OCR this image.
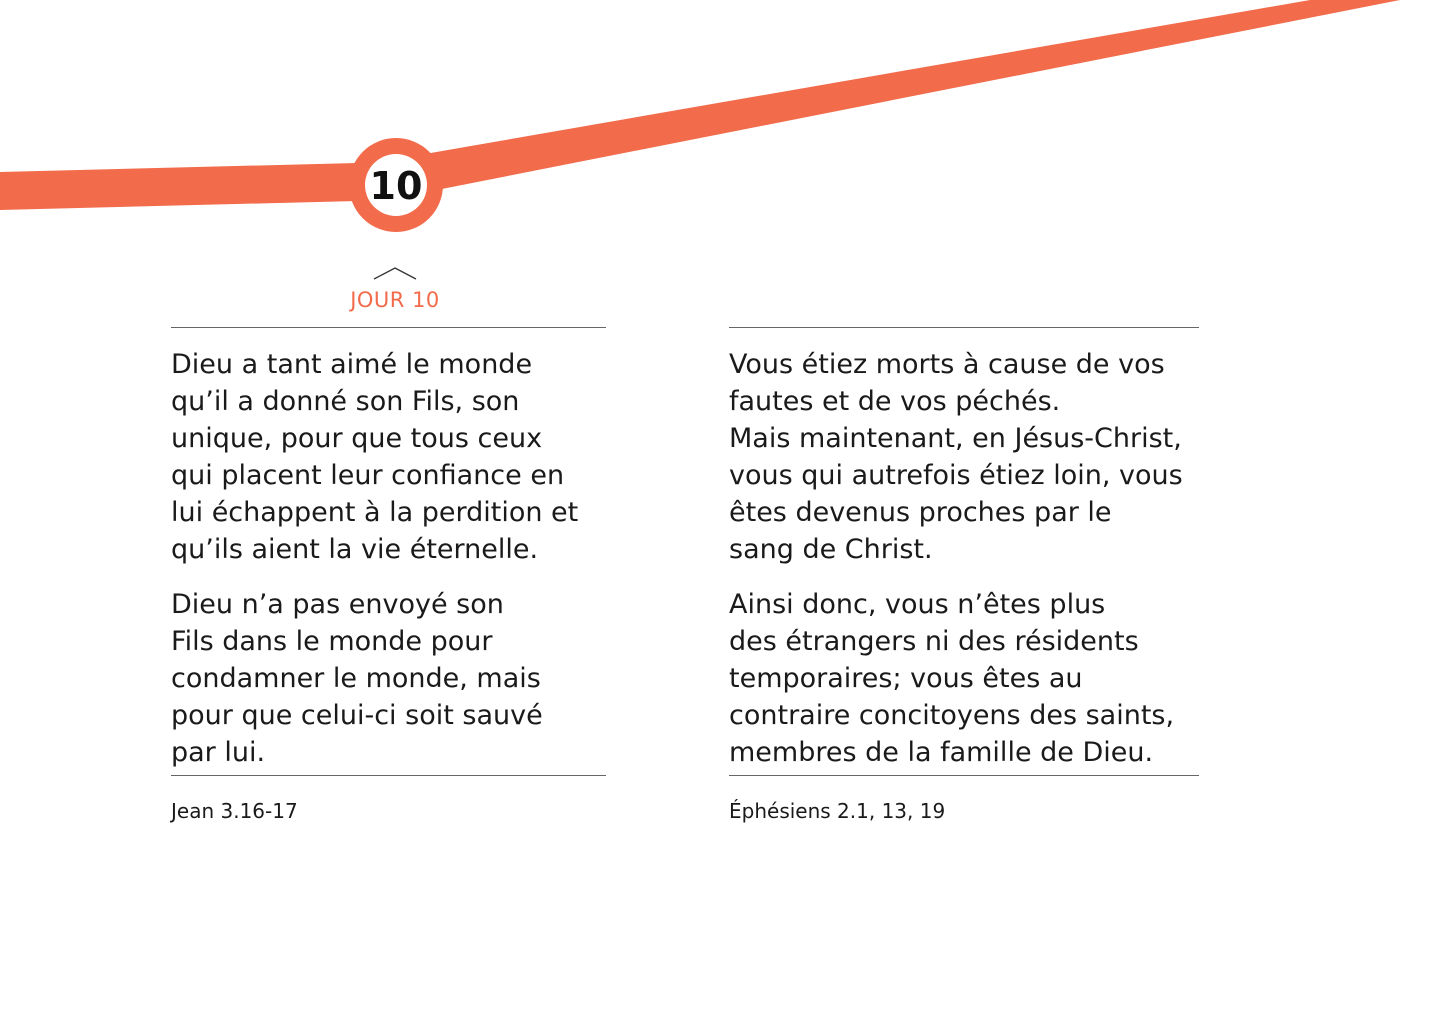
10
JOUR 10

Dieu a tant aimé le monde
qu’il a donné son Fils, son
unique, pour que tous ceux
qui placent leur confiance en
lui échappent à la perdition et
qu’ils aient la vie éternelle.

Dieu n’a pas envoyé son
Fils dans le monde pour
condamner le monde, mais
pour que celui-ci soit sauvé
par lui.

Jean 3.16-17

Vous étiez morts à cause de vos
fautes et de vos péchés.
Mais maintenant, en Jésus-Christ,
vous qui autrefois étiez loin, vous
êtes devenus proches par le
sang de Christ.

Ainsi donc, vous n’êtes plus
des étrangers ni des résidents
temporaires; vous êtes au
contraire concitoyens des saints,
membres de la famille de Dieu.

Éphésiens 2.1, 13, 19
